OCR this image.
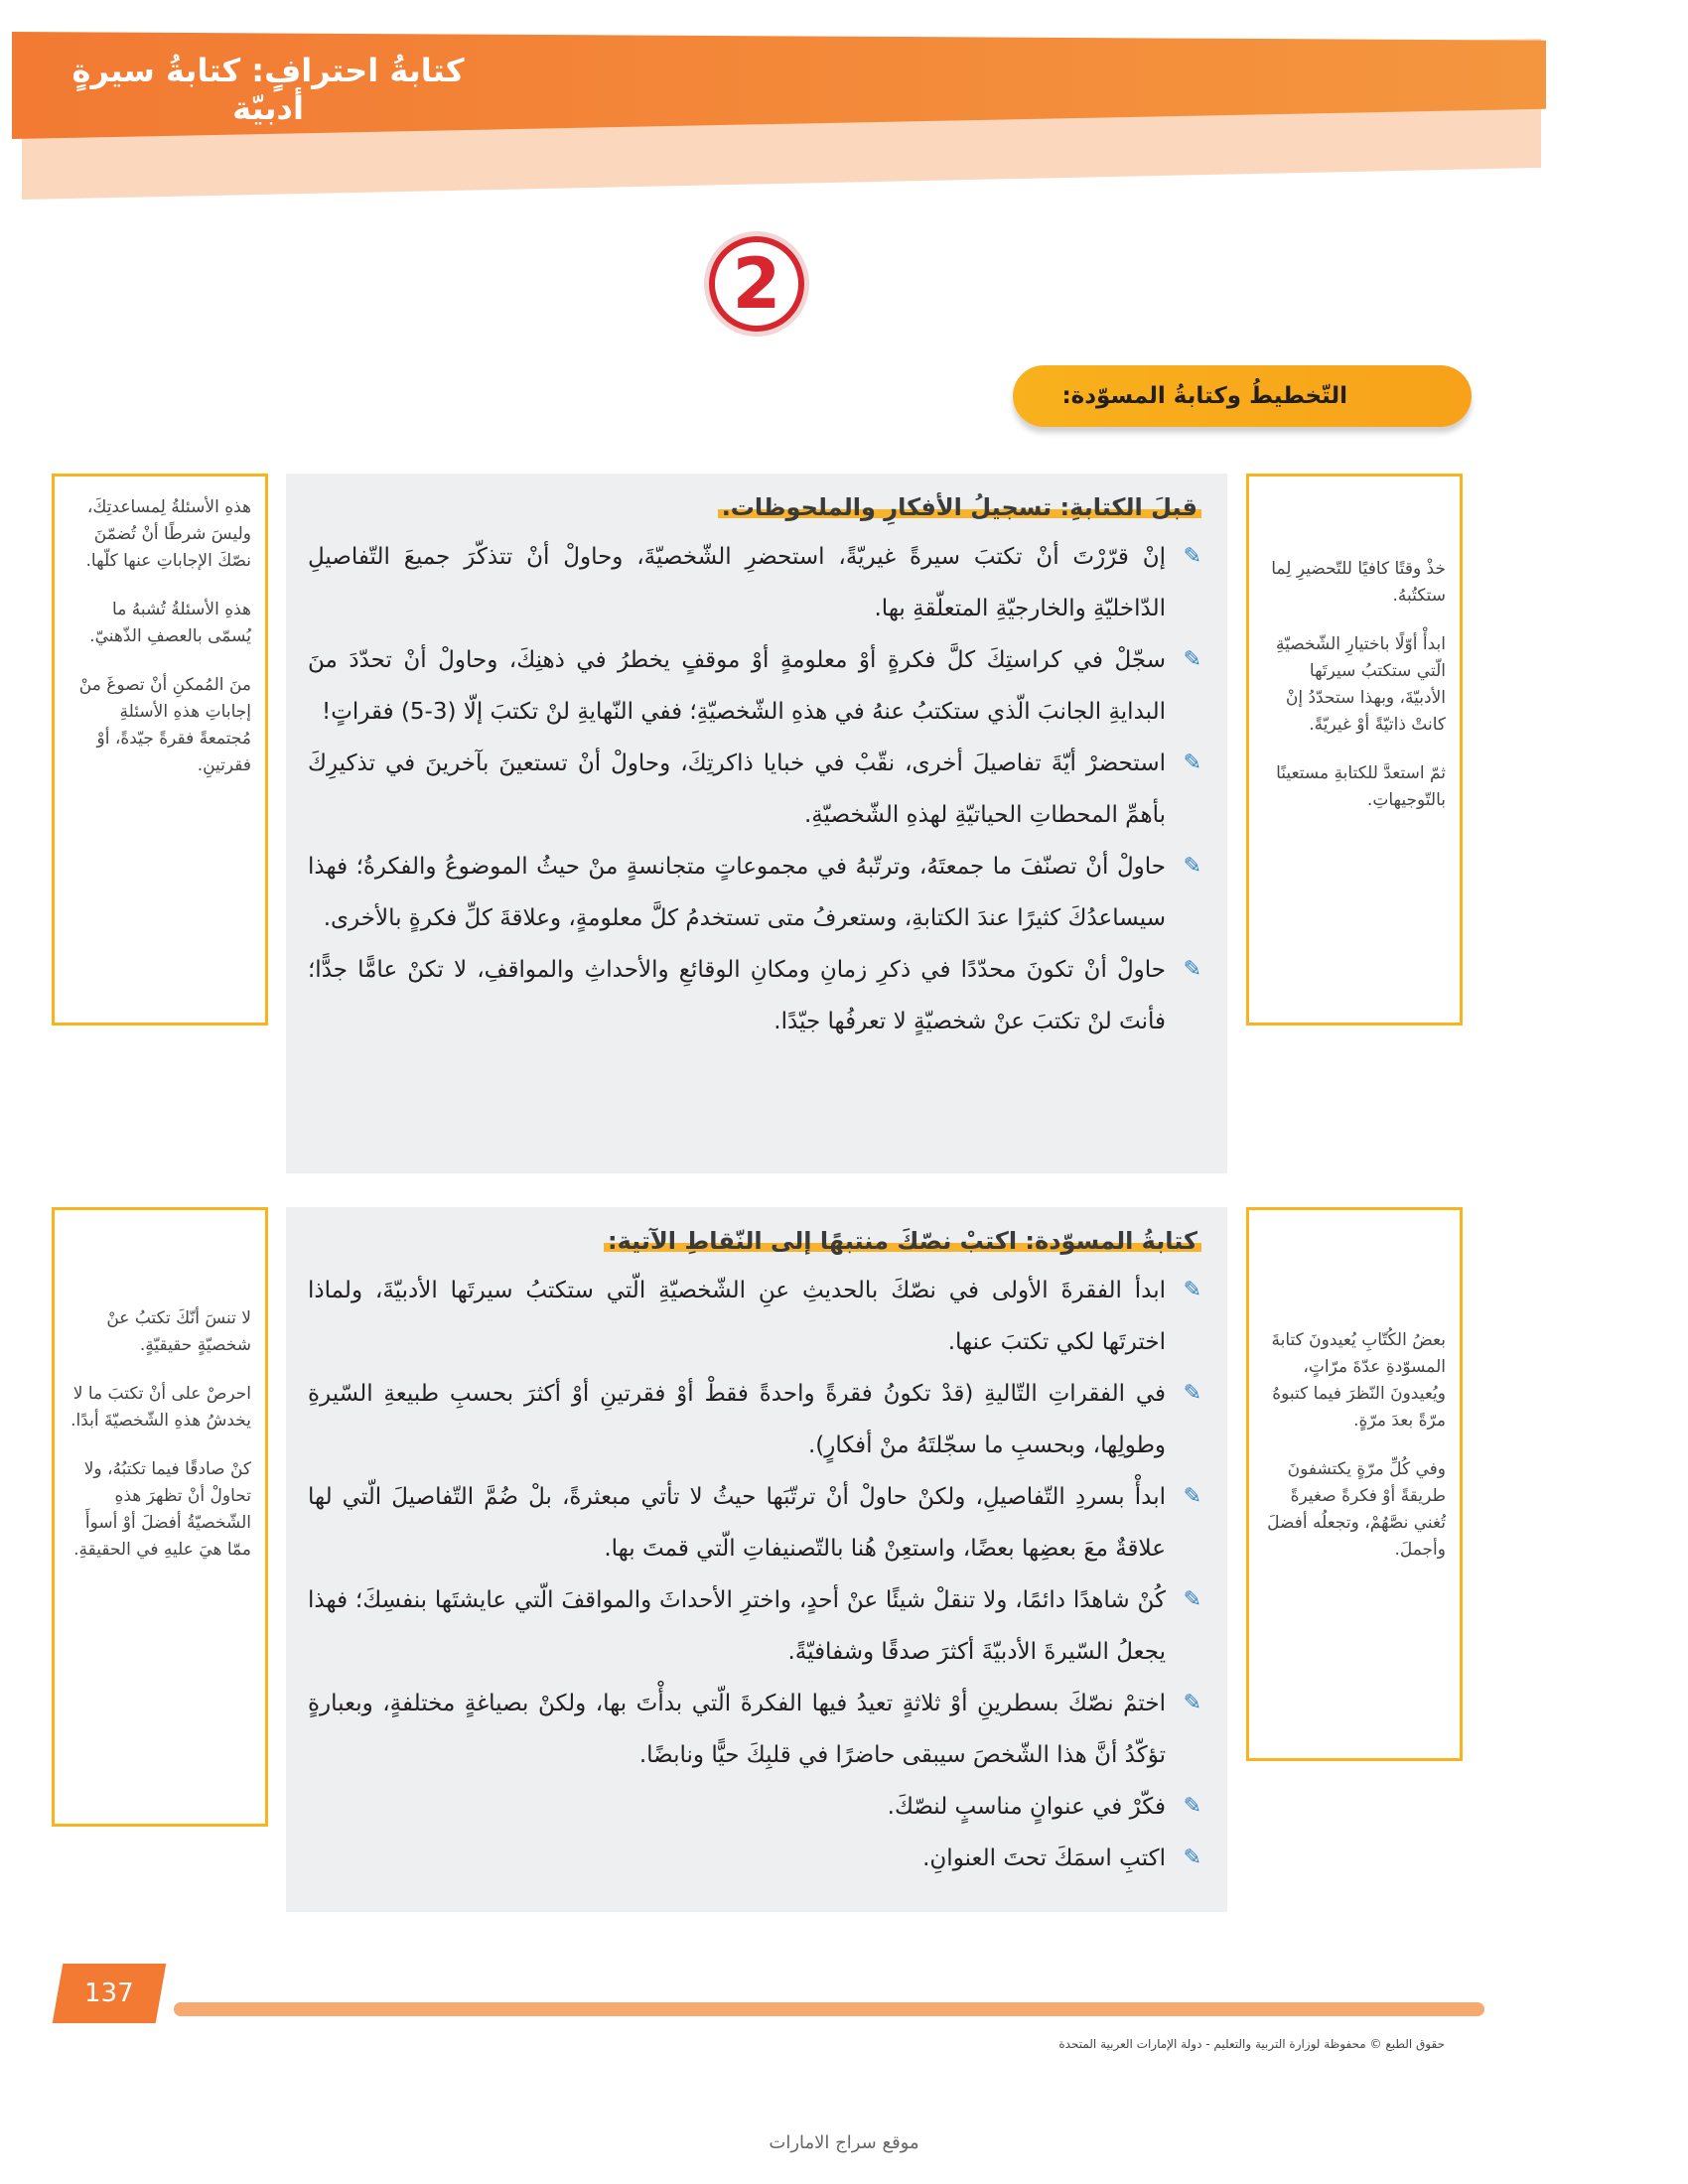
كتابةُ احترافٍ: كتابةُ سيرةٍ أدبيّة
2
التّخطيطُ وكتابةُ المسوّدة:

هذهِ الأسئلةُ لِمساعدتِكَ، وليسَ شرطًا أنْ تُضمّنَ نصّكَ الإجاباتِ عنها كلّها.

هذهِ الأسئلةُ تُشبهُ ما يُسمّى بالعصفِ الذّهنيّ.

منَ المُمكنِ أنْ تصوغَ منْ إجاباتِ هذهِ الأسئلةِ مُجتمعةً فقرةً جيّدةً، أوْ فقرتينِ.

خذْ وقتًا كافيًا للتّحضيرِ لِما ستكتُبهُ.

ابدأْ أوّلًا باختيارِ الشّخصيّةِ الّتي ستكتبُ سيرتَها الأدبيّةَ، وبهذا ستحدّدُ إنْ كانتْ ذاتيّةً أوْ غيريّةً.

ثمّ استعدَّ للكتابةِ مستعينًا بالتّوجيهاتِ.

قبلَ الكتابةِ: تسجيلُ الأفكارِ والملحوظات.
✎
إنْ قرّرْتَ أنْ تكتبَ سيرةً غيريّةً، استحضرِ الشّخصيّةَ، وحاولْ أنْ تتذكّرَ جميعَ التّفاصيلِ الدّاخليّةِ والخارجيّةِ المتعلّقةِ بها.
✎
سجّلْ في كراستِكَ كلَّ فكرةٍ أوْ معلومةٍ أوْ موقفٍ يخطرُ في ذهنِكَ، وحاولْ أنْ تحدّدَ منَ البدايةِ الجانبَ الّذي ستكتبُ عنهُ في هذهِ الشّخصيّةِ؛ ففي النّهايةِ لنْ تكتبَ إلّا (3-5) فقراتٍ!
✎
استحضرْ أيّةَ تفاصيلَ أخرى، نقّبْ في خبايا ذاكرتِكَ، وحاولْ أنْ تستعينَ بآخرينَ في تذكيرِكَ بأهمِّ المحطاتِ الحياتيّةِ لهذهِ الشّخصيّةِ.
✎
حاولْ أنْ تصنّفَ ما جمعتَهُ، وترتّبهُ في مجموعاتٍ متجانسةٍ منْ حيثُ الموضوعُ والفكرةُ؛ فهذا سيساعدُكَ كثيرًا عندَ الكتابةِ، وستعرفُ متى تستخدمُ كلَّ معلومةٍ، وعلاقةَ كلِّ فكرةٍ بالأخرى.
✎
حاولْ أنْ تكونَ محدّدًا في ذكرِ زمانِ ومكانِ الوقائعِ والأحداثِ والمواقفِ، لا تكنْ عامًّا جدًّا؛ فأنتَ لنْ تكتبَ عنْ شخصيّةٍ لا تعرفُها جيّدًا.

لا تنسَ أنّكَ تكتبُ عنْ شخصيّةٍ حقيقيّةٍ.

احرصْ على أنْ تكتبَ ما لا يخدشُ هذهِ الشّخصيّةَ أبدًا.

كنْ صادقًا فيما تكتبُهُ، ولا تحاولْ أنْ تظهرَ هذهِ الشّخصيّةُ أفضلَ أوْ أسوأَ ممّا هيَ عليهِ في الحقيقةِ.

بعضُ الكُتّابِ يُعيدونَ كتابةَ المسوّدةِ عدّةَ مرّاتٍ، ويُعيدونَ النّظرَ فيما كتبوهُ مرّةً بعدَ مرّةٍ.

وفي كُلِّ مرّةٍ يكتشفونَ طريقةً أوْ فكرةً صغيرةً تُغني نصَّهُمْ، وتجعلُه أفضلَ وأجملَ.

كتابةُ المسوّدة: اكتبْ نصّكَ منتبهًا إلى النّقاطِ الآتية:
✎
ابدأ الفقرةَ الأولى في نصّكَ بالحديثِ عنِ الشّخصيّةِ الّتي ستكتبُ سيرتَها الأدبيّةَ، ولماذا اخترتَها لكي تكتبَ عنها.
✎
في الفقراتِ التّاليةِ (قدْ تكونُ فقرةً واحدةً فقطْ أوْ فقرتينِ أوْ أكثرَ بحسبِ طبيعةِ السّيرةِ وطولِها، وبحسبِ ما سجّلتَهُ منْ أفكارٍ).
✎
ابدأْ بسردِ التّفاصيلِ، ولكنْ حاولْ أنْ ترتّبَها حيثُ لا تأتي مبعثرةً، بلْ ضُمَّ التّفاصيلَ الّتي لها علاقةٌ معَ بعضِها بعضًا، واستعِنْ هُنا بالتّصنيفاتِ الّتي قمتَ بها.
✎
كُنْ شاهدًا دائمًا، ولا تنقلْ شيئًا عنْ أحدٍ، واخترِ الأحداثَ والمواقفَ الّتي عايشتَها بنفسِكَ؛ فهذا يجعلُ السّيرةَ الأدبيّةَ أكثرَ صدقًا وشفافيّةً.
✎
اختمْ نصّكَ بسطرينِ أوْ ثلاثةٍ تعيدُ فيها الفكرةَ الّتي بدأْتَ بها، ولكنْ بصياغةٍ مختلفةٍ، وبعبارةٍ تؤكّدُ أنَّ هذا الشّخصَ سيبقى حاضرًا في قلبِكَ حيًّا ونابضًا.
✎
فكّرْ في عنوانٍ مناسبٍ لنصّكَ.
✎
اكتبِ اسمَكَ تحتَ العنوانِ.
137
حقوق الطبع © محفوظة لوزارة التربية والتعليم - دولة الإمارات العربية المتحدة
موقع سراج الامارات
